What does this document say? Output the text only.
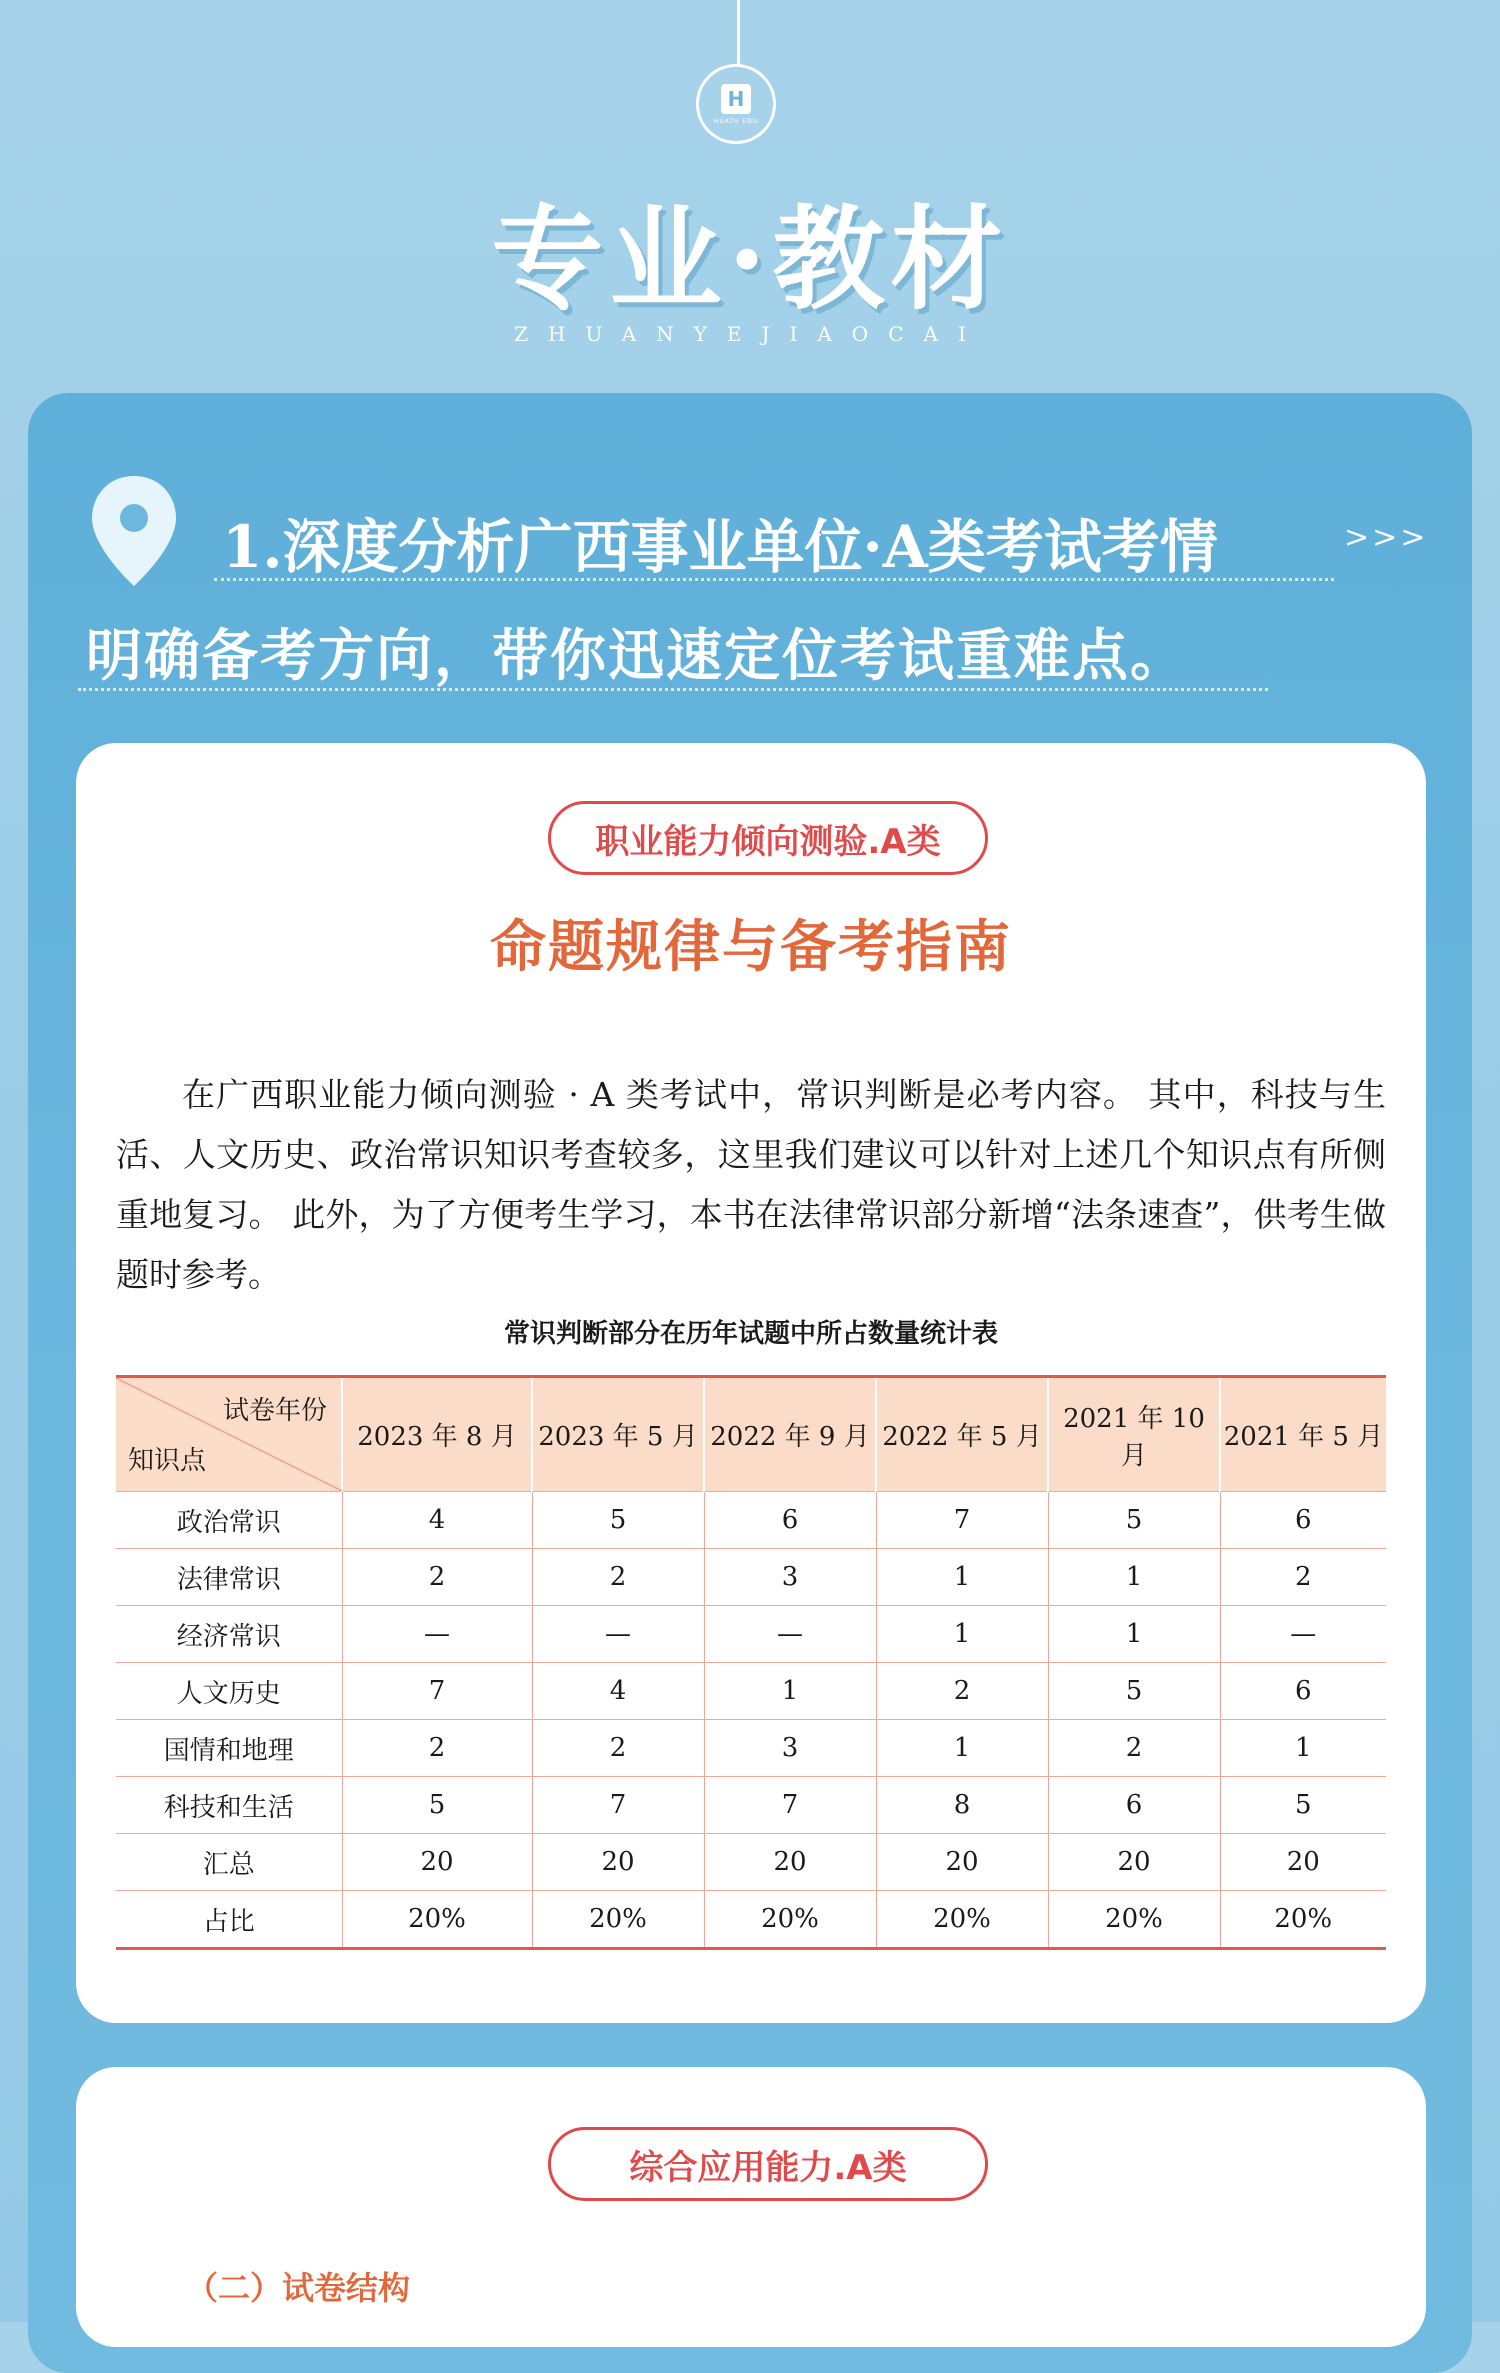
H
HUATU EDU
专业·教材
ZHUANYEJIAOCAI
1.深度分析广西事业单位·A类考试考情	>>>
明确备考方向，带你迅速定位考试重难点。
职业能力倾向测验.A类
命题规律与备考指南
在广西职业能力倾向测验 · A 类考试中，常识判断是必考内容。 其中，科技与生活、人文历史、政治常识知识考查较多，这里我们建议可以针对上述几个知识点有所侧重地复习。 此外，为了方便考生学习，本书在法律常识部分新增“法条速查”，供考生做题时参考。
常识判断部分在历年试题中所占数量统计表
试卷年份
知识点	2023 年 8 月	2023 年 5 月	2022 年 9 月	2022 年 5 月	2021 年 10 月	2021 年 5 月
政治常识	4	5	6	7	5	6
法律常识	2	2	3	1	1	2
经济常识	—	—	—	1	1	—
人文历史	7	4	1	2	5	6
国情和地理	2	2	3	1	2	1
科技和生活	5	7	7	8	6	5
汇总	20	20	20	20	20	20
占比	20%	20%	20%	20%	20%	20%
综合应用能力.A类
（二）试卷结构
